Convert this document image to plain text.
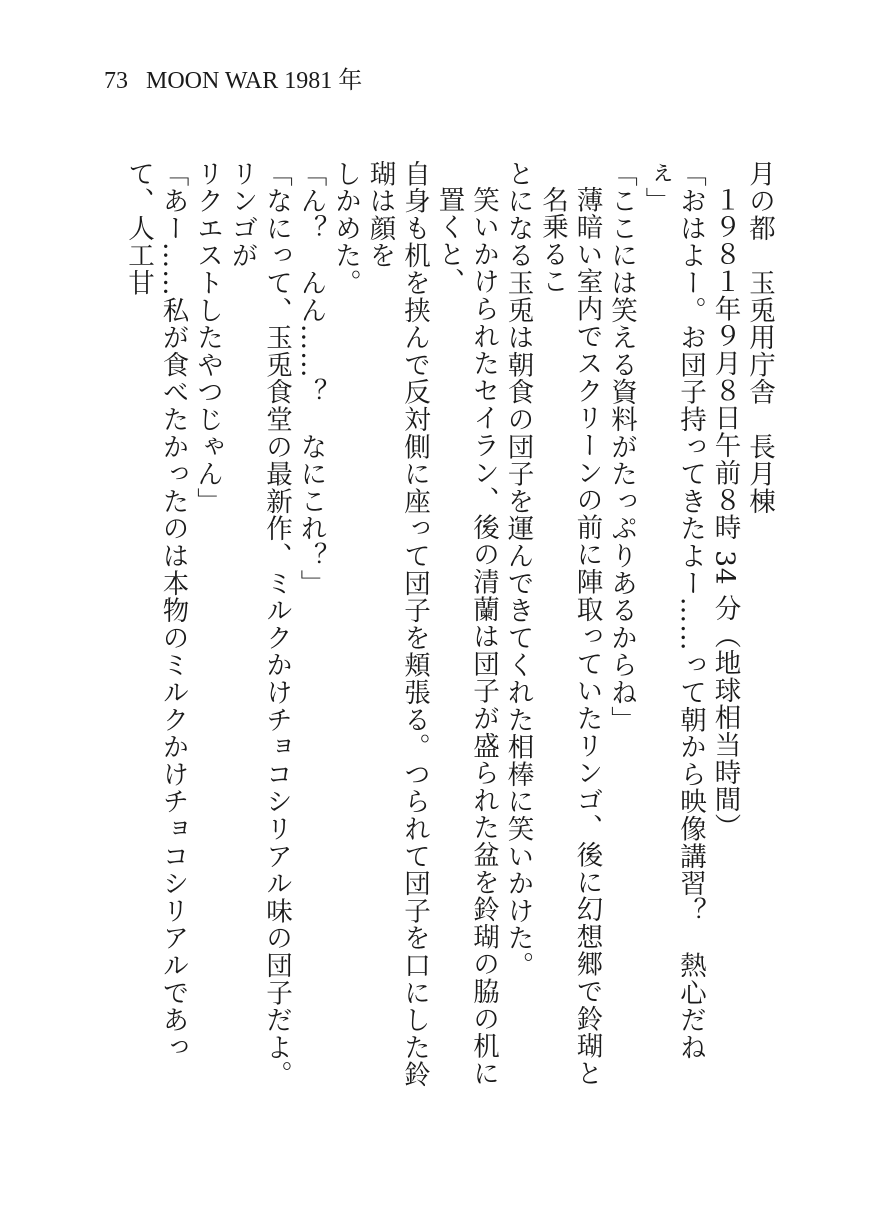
73 MOON WAR 1981 年

月の都　玉兎用庁舎　長月棟

１９８１年９月８日午前８時 34 分（地球相当時間）

「おはよー。お団子持ってきたよー……って朝から映像講習？　熱心だねぇ」

「ここには笑える資料がたっぷりあるからね」

薄暗い室内でスクリーンの前に陣取っていたリンゴ、後に幻想郷で鈴瑚と名乗るこ

とになる玉兎は朝食の団子を運んできてくれた相棒に笑いかけた。

笑いかけられたセイラン、後の清蘭は団子が盛られた盆を鈴瑚の脇の机に置くと、

自身も机を挟んで反対側に座って団子を頬張る。つられて団子を口にした鈴瑚は顔を

しかめた。

「ん？　んん……？　なにこれ？」

「なにって、玉兎食堂の最新作、ミルクかけチョコシリアル味の団子だよ。リンゴが

リクエストしたやつじゃん」

「あー……私が食べたかったのは本物のミルクかけチョコシリアルであって、人工甘
